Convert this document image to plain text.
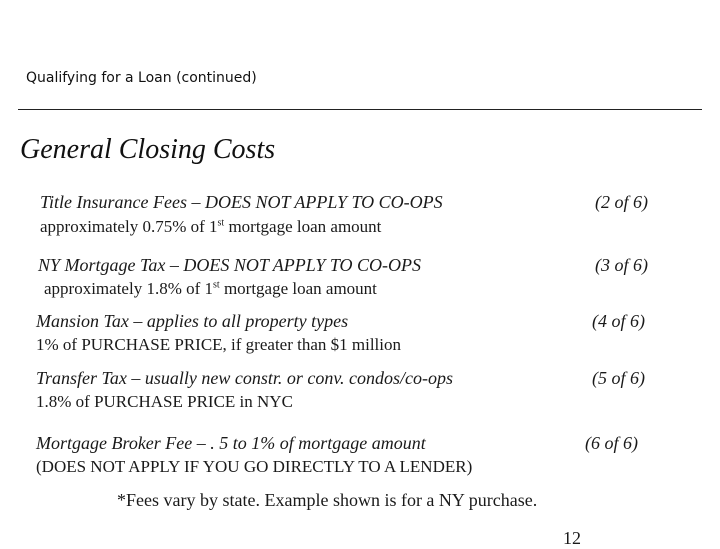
Qualifying for a Loan (continued)
General Closing Costs
Title Insurance Fees – DOES NOT APPLY TO CO-OPS	(2 of 6)
approximately 0.75% of 1st mortgage loan amount
NY Mortgage Tax – DOES NOT APPLY TO CO-OPS	(3 of 6)
approximately 1.8% of 1st mortgage loan amount
Mansion Tax – applies to all property types	(4 of 6)
1% of PURCHASE PRICE, if greater than $1 million
Transfer Tax – usually new constr. or conv. condos/co-ops	(5 of 6)
1.8% of PURCHASE PRICE in NYC
Mortgage Broker Fee – . 5 to 1% of mortgage amount	(6 of 6)
(DOES NOT APPLY IF YOU GO DIRECTLY TO A LENDER)
*Fees vary by state. Example shown is for a NY purchase.
12
